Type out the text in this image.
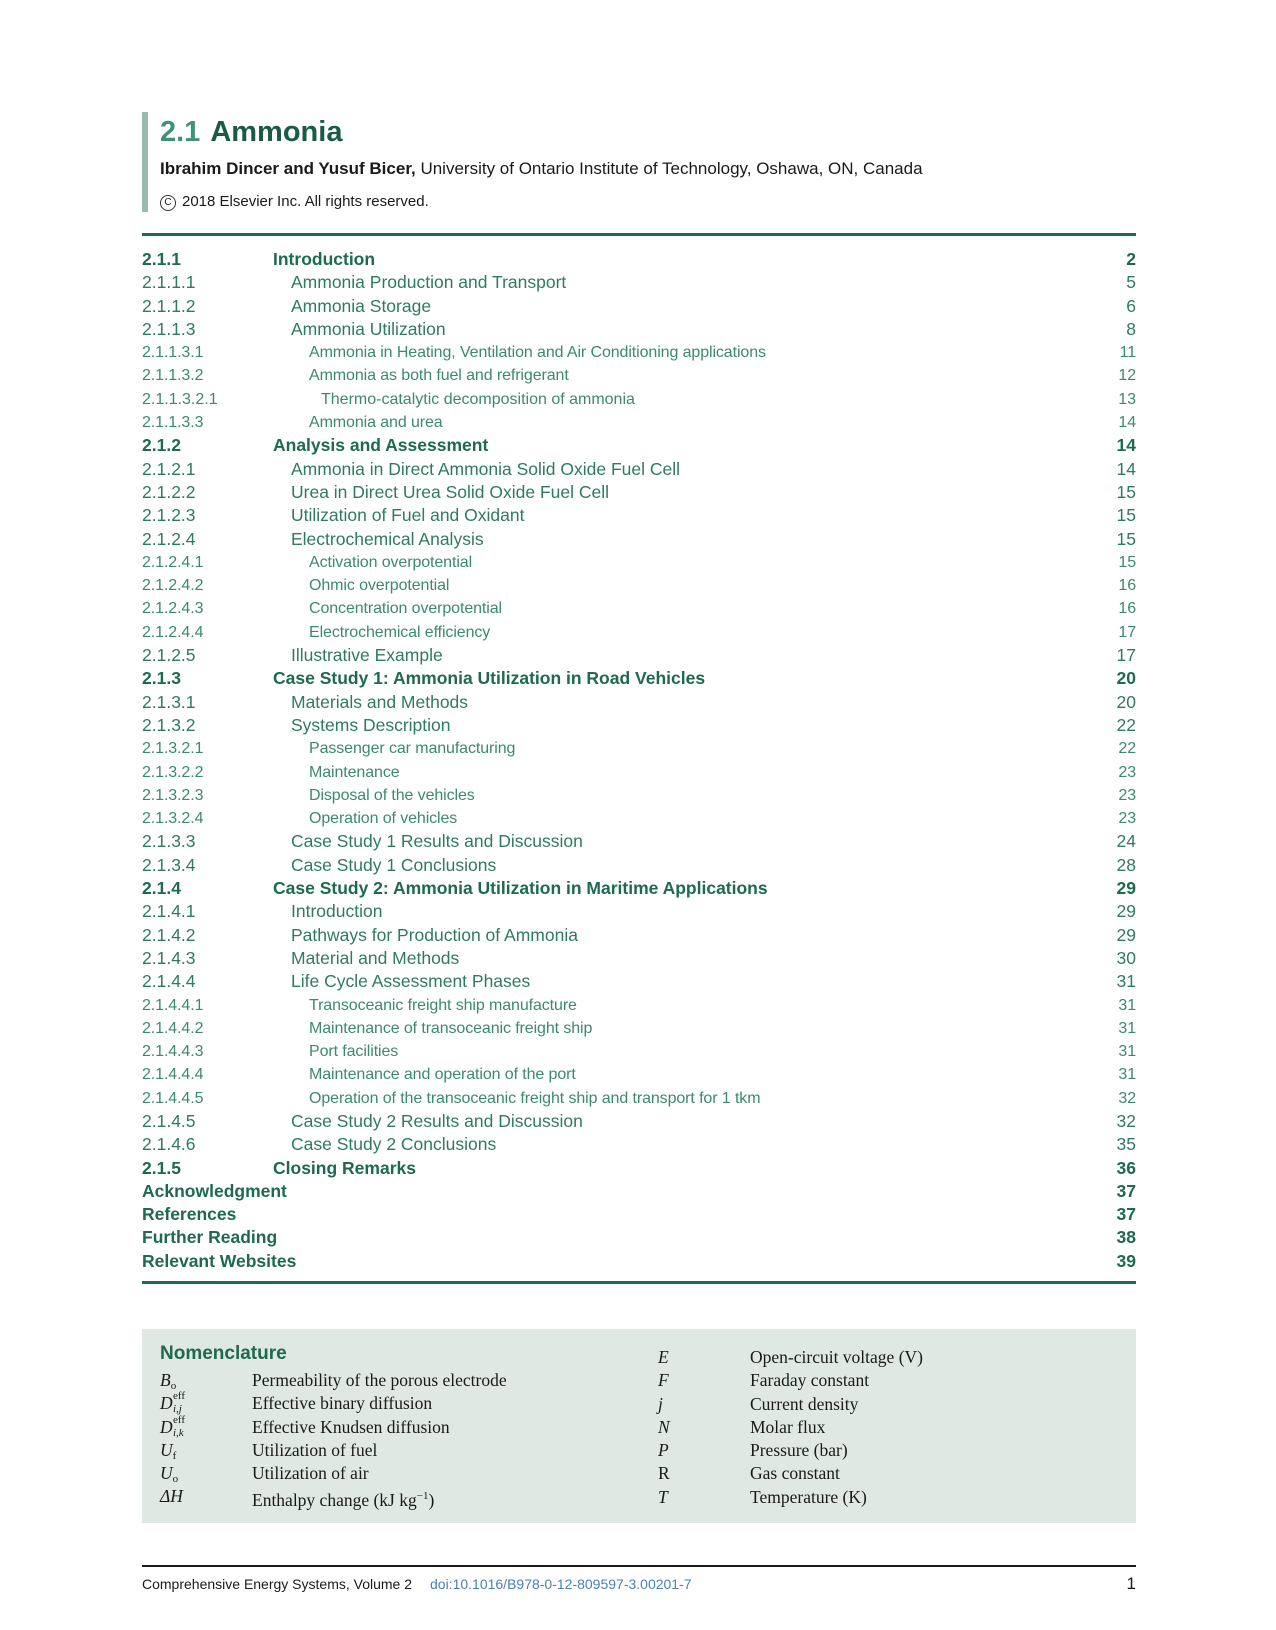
2.1 Ammonia
Ibrahim Dincer and Yusuf Bicer, University of Ontario Institute of Technology, Oshawa, ON, Canada
C 2018 Elsevier Inc. All rights reserved.
2.1.1	Introduction	2
2.1.1.1	Ammonia Production and Transport	5
2.1.1.2	Ammonia Storage	6
2.1.1.3	Ammonia Utilization	8
2.1.1.3.1	Ammonia in Heating, Ventilation and Air Conditioning applications	11
2.1.1.3.2	Ammonia as both fuel and refrigerant	12
2.1.1.3.2.1	Thermo-catalytic decomposition of ammonia	13
2.1.1.3.3	Ammonia and urea	14
2.1.2	Analysis and Assessment	14
2.1.2.1	Ammonia in Direct Ammonia Solid Oxide Fuel Cell	14
2.1.2.2	Urea in Direct Urea Solid Oxide Fuel Cell	15
2.1.2.3	Utilization of Fuel and Oxidant	15
2.1.2.4	Electrochemical Analysis	15
2.1.2.4.1	Activation overpotential	15
2.1.2.4.2	Ohmic overpotential	16
2.1.2.4.3	Concentration overpotential	16
2.1.2.4.4	Electrochemical efficiency	17
2.1.2.5	Illustrative Example	17
2.1.3	Case Study 1: Ammonia Utilization in Road Vehicles	20
2.1.3.1	Materials and Methods	20
2.1.3.2	Systems Description	22
2.1.3.2.1	Passenger car manufacturing	22
2.1.3.2.2	Maintenance	23
2.1.3.2.3	Disposal of the vehicles	23
2.1.3.2.4	Operation of vehicles	23
2.1.3.3	Case Study 1 Results and Discussion	24
2.1.3.4	Case Study 1 Conclusions	28
2.1.4	Case Study 2: Ammonia Utilization in Maritime Applications	29
2.1.4.1	Introduction	29
2.1.4.2	Pathways for Production of Ammonia	29
2.1.4.3	Material and Methods	30
2.1.4.4	Life Cycle Assessment Phases	31
2.1.4.4.1	Transoceanic freight ship manufacture	31
2.1.4.4.2	Maintenance of transoceanic freight ship	31
2.1.4.4.3	Port facilities	31
2.1.4.4.4	Maintenance and operation of the port	31
2.1.4.4.5	Operation of the transoceanic freight ship and transport for 1 tkm	32
2.1.4.5	Case Study 2 Results and Discussion	32
2.1.4.6	Case Study 2 Conclusions	35
2.1.5	Closing Remarks	36
Acknowledgment	37
References	37
Further Reading	38
Relevant Websites	39
Nomenclature
$B_o$	Permeability of the porous electrode
D eff
i,j	Effective binary diffusion
D eff
i,k	Effective Knudsen diffusion
$U_f$	Utilization of fuel
$U_o$	Utilization of air
ΔH	Enthalpy change (kJ $kg^{-1}$)
E	Open-circuit voltage (V)
F	Faraday constant
j	Current density
N	Molar flux
P	Pressure (bar)
R	Gas constant
T	Temperature (K)
Comprehensive Energy Systems, Volume 2 doi:10.1016/B978-0-12-809597-3.00201-7	1
